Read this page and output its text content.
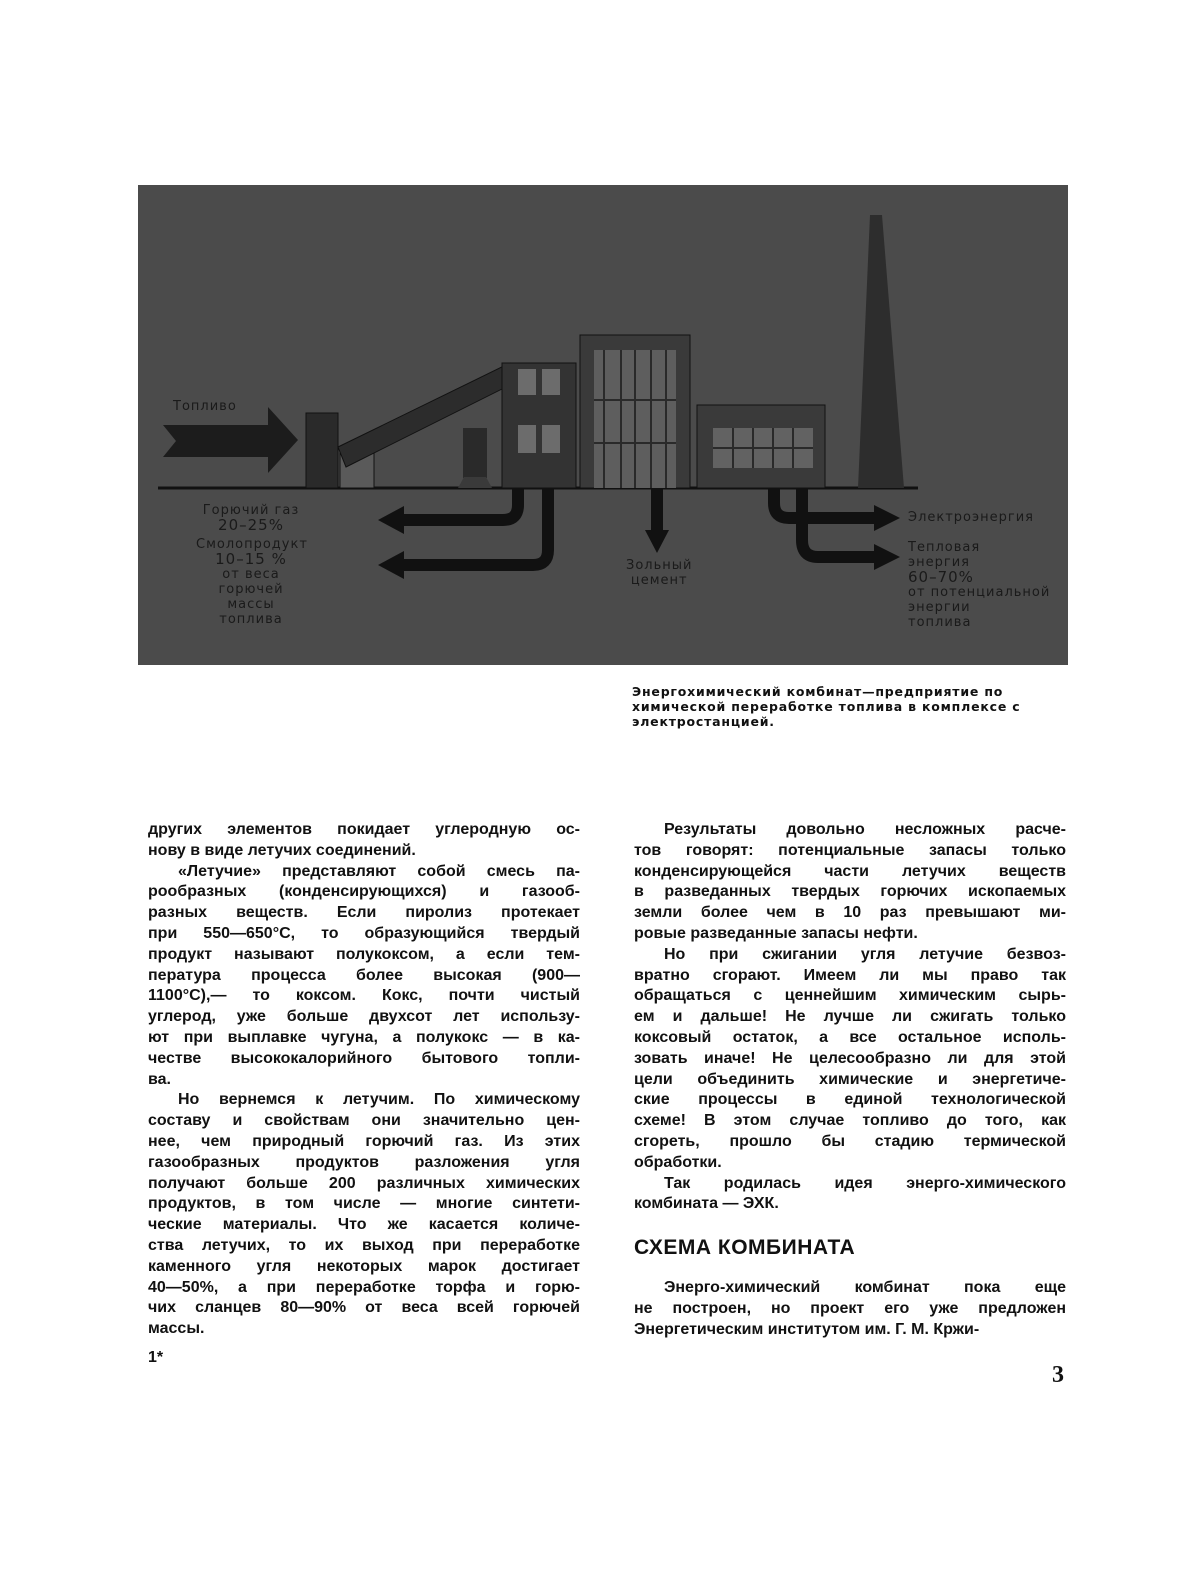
Топливо
Горючий газ
20–25%
Смолопродукт
10–15 %
от веса горючей
массы топлива
Зольный
цемент
Электроэнергия
Тепловая
энергия
60–70%
от потенциальной
энергии
топлива
Энергохимический комбинат—предприятие по химической переработке топлива в комплексе с электростанцией.
других элементов покидает углеродную ос-
нову в виде летучих соединений.
«Летучие» представляют собой смесь па-
рообразных (конденсирующихся) и газооб-
разных веществ. Если пиролиз протекает
при 550—650°С, то образующийся твердый
продукт называют полукоксом, а если тем-
пература процесса более высокая (900—
1100°С),— то коксом. Кокс, почти чистый
углерод, уже больше двухсот лет использу-
ют при выплавке чугуна, а полукокс — в ка-
честве высококалорийного бытового топли-
ва.
Но вернемся к летучим. По химическому
составу и свойствам они значительно цен-
нее, чем природный горючий газ. Из этих
газообразных продуктов разложения угля
получают больше 200 различных химических
продуктов, в том числе — многие синтети-
ческие материалы. Что же касается количе-
ства летучих, то их выход при переработке
каменного угля некоторых марок достигает
40—50%, а при переработке торфа и горю-
чих сланцев 80—90% от веса всей горючей
массы.
Результаты довольно несложных расче-
тов говорят: потенциальные запасы только
конденсирующейся части летучих веществ
в разведанных твердых горючих ископаемых
земли более чем в 10 раз превышают ми-
ровые разведанные запасы нефти.
Но при сжигании угля летучие безвоз-
вратно сгорают. Имеем ли мы право так
обращаться с ценнейшим химическим сырь-
ем и дальше! Не лучше ли сжигать только
коксовый остаток, а все остальное исполь-
зовать иначе! Не целесообразно ли для этой
цели объединить химические и энергетиче-
ские процессы в единой технологической
схеме! В этом случае топливо до того, как
сгореть, прошло бы стадию термической
обработки.
Так родилась идея энерго-химического
комбината — ЭХК.
СХЕМА КОМБИНАТА
Энерго-химический комбинат пока еще
не построен, но проект его уже предложен
Энергетическим институтом им. Г. М. Кржи-
1*
3
